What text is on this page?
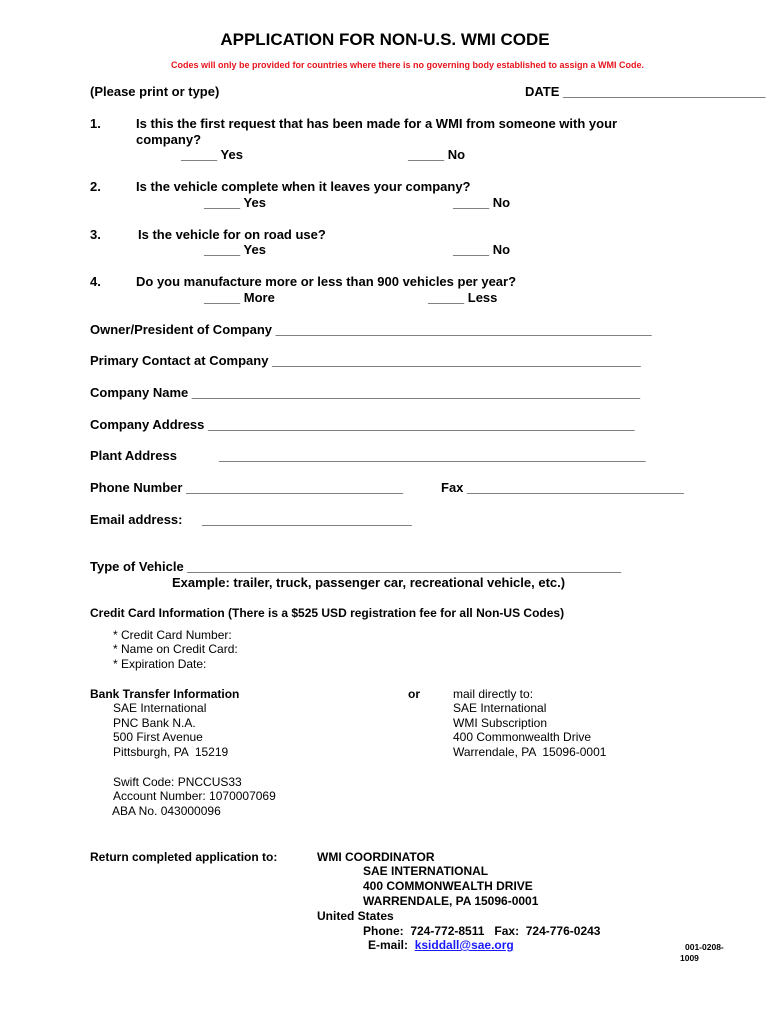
APPLICATION FOR NON-U.S. WMI CODE
Codes will only be provided for countries where there is no governing body established to assign a WMI Code.
(Please print or type)	DATE ____________________________
1.	Is this the first request that has been made for a WMI from someone with your
company?
_____ Yes	_____ No
2.	Is the vehicle complete when it leaves your company?
_____ Yes	_____ No
3.	Is the vehicle for on road use?
_____ Yes	_____ No
4.	Do you manufacture more or less than 900 vehicles per year?
_____ More	_____ Less
Owner/President of Company ____________________________________________________
Primary Contact at Company ___________________________________________________
Company Name ______________________________________________________________
Company Address ___________________________________________________________
Plant Address	___________________________________________________________
Phone Number ______________________________	Fax ______________________________
Email address: _____________________________
Type of Vehicle ____________________________________________________________
Example: trailer, truck, passenger car, recreational vehicle, etc.)
Credit Card Information (There is a $525 USD registration fee for all Non-US Codes)
* Credit Card Number:
* Name on Credit Card:
* Expiration Date:
Bank Transfer Information
SAE International
PNC Bank N.A.
500 First Avenue
Pittsburgh, PA  15219
or	mail directly to:
SAE International
WMI Subscription
400 Commonwealth Drive
Warrendale, PA  15096-0001
Swift Code: PNCCUS33
Account Number: 1070007069
ABA No. 043000096
Return completed application to:	WMI COORDINATOR
SAE INTERNATIONAL
400 COMMONWEALTH DRIVE
WARRENDALE, PA 15096-0001
United States
Phone:  724-772-8511   Fax:  724-776-0243
E-mail:  ksiddall@sae.org	001-0208-
1009
